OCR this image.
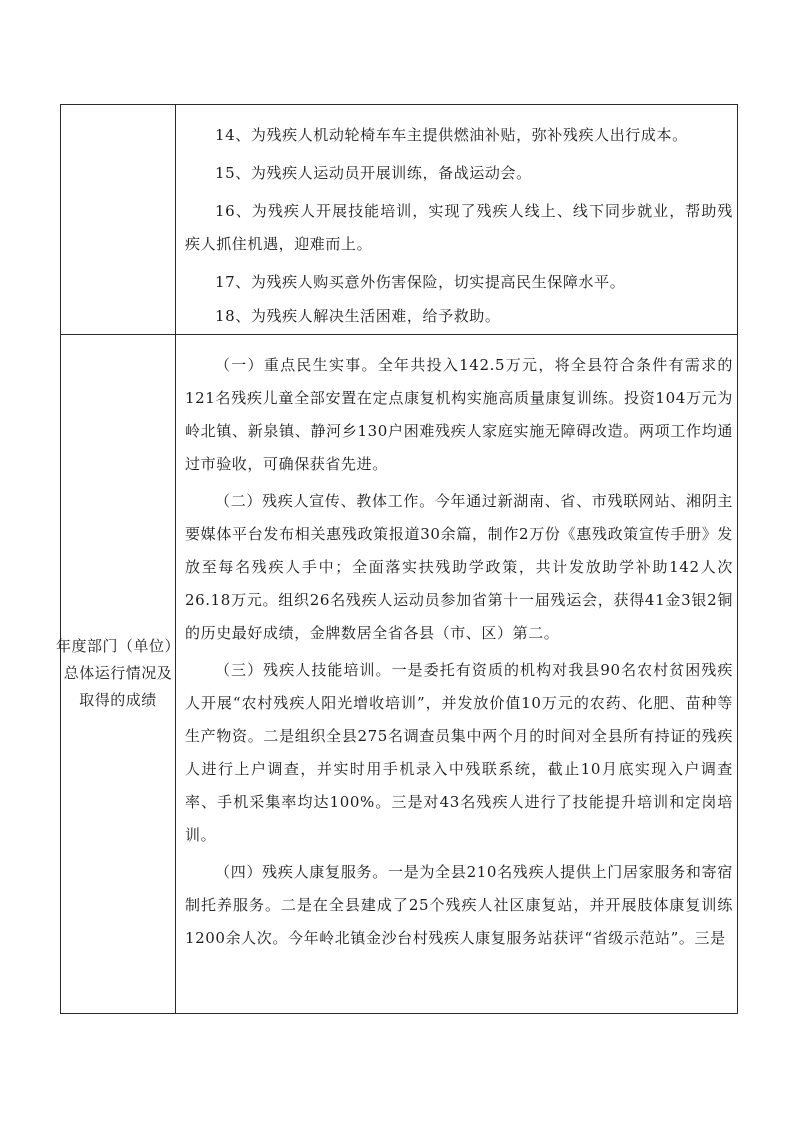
14、为残疾人机动轮椅车车主提供燃油补贴，弥补残疾人出行成本。

15、为残疾人运动员开展训练，备战运动会。

16、为残疾人开展技能培训，实现了残疾人线上、线下同步就业，帮助残疾人抓住机遇，迎难而上。

17、为残疾人购买意外伤害保险，切实提高民生保障水平。

18、为残疾人解决生活困难，给予救助。

年度部门（单位）
总体运行情况及
取得的成绩

（一）重点民生实事。全年共投入142.5万元，将全县符合条件有需求的121名残疾儿童全部安置在定点康复机构实施高质量康复训练。投资104万元为岭北镇、新泉镇、静河乡130户困难残疾人家庭实施无障碍改造。两项工作均通过市验收，可确保获省先进。

（二）残疾人宣传、教体工作。今年通过新湖南、省、市残联网站、湘阴主要媒体平台发布相关惠残政策报道30余篇，制作2万份《惠残政策宣传手册》发放至每名残疾人手中；全面落实扶残助学政策，共计发放助学补助142人次26.18万元。组织26名残疾人运动员参加省第十一届残运会，获得41金3银2铜的历史最好成绩，金牌数居全省各县（市、区）第二。

（三）残疾人技能培训。一是委托有资质的机构对我县90名农村贫困残疾人开展“农村残疾人阳光增收培训”，并发放价值10万元的农药、化肥、苗种等生产物资。二是组织全县275名调查员集中两个月的时间对全县所有持证的残疾人进行上户调查，并实时用手机录入中残联系统，截止10月底实现入户调查率、手机采集率均达100%。三是对43名残疾人进行了技能提升培训和定岗培训。

（四）残疾人康复服务。一是为全县210名残疾人提供上门居家服务和寄宿制托养服务。二是在全县建成了25个残疾人社区康复站，并开展肢体康复训练1200余人次。今年岭北镇金沙台村残疾人康复服务站获评“省级示范站”。三是
